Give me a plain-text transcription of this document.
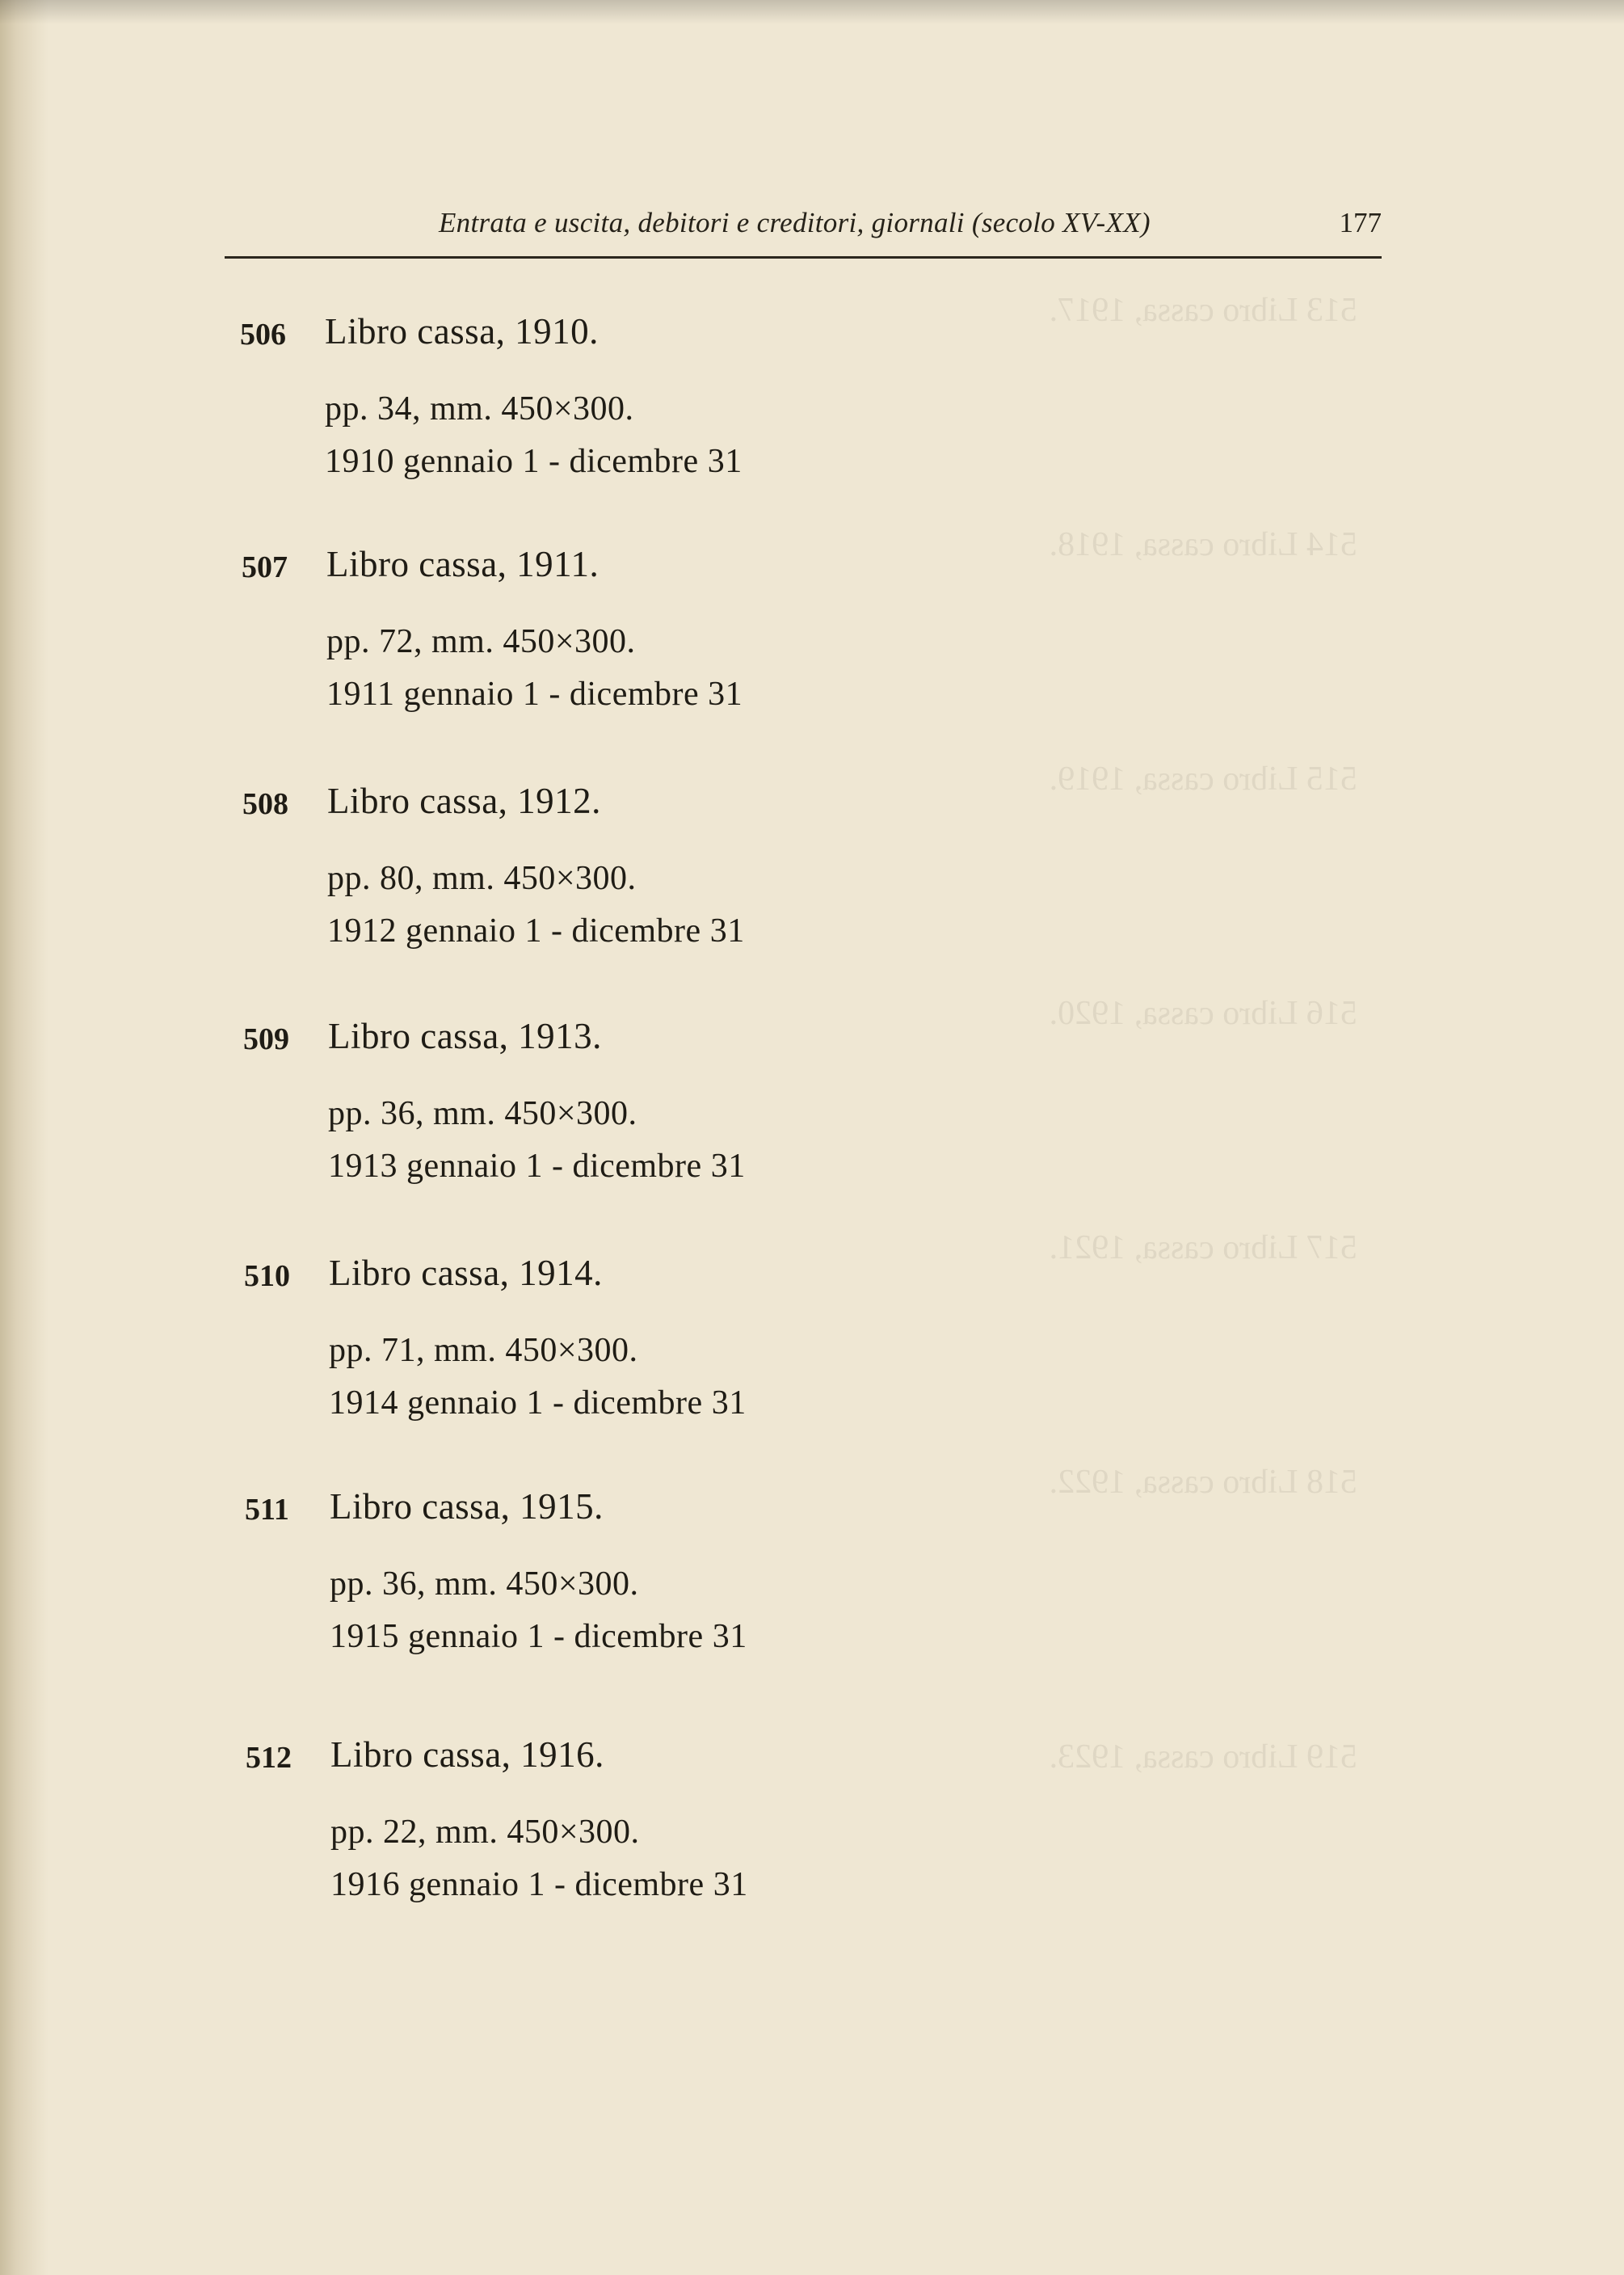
513 Libro cassa, 1917.
514 Libro cassa, 1918.
515 Libro cassa, 1919.
516 Libro cassa, 1920.
517 Libro cassa, 1921.
518 Libro cassa, 1922.
519 Libro cassa, 1923.
Entrata e uscita, debitori e creditori, giornali (secolo XV-XX)	177
506 Libro cassa, 1910.
pp. 34, mm. 450×300.
1910 gennaio 1 - dicembre 31
507 Libro cassa, 1911.
pp. 72, mm. 450×300.
1911 gennaio 1 - dicembre 31
508 Libro cassa, 1912.
pp. 80, mm. 450×300.
1912 gennaio 1 - dicembre 31
509 Libro cassa, 1913.
pp. 36, mm. 450×300.
1913 gennaio 1 - dicembre 31
510 Libro cassa, 1914.
pp. 71, mm. 450×300.
1914 gennaio 1 - dicembre 31
511 Libro cassa, 1915.
pp. 36, mm. 450×300.
1915 gennaio 1 - dicembre 31
512 Libro cassa, 1916.
pp. 22, mm. 450×300.
1916 gennaio 1 - dicembre 31
